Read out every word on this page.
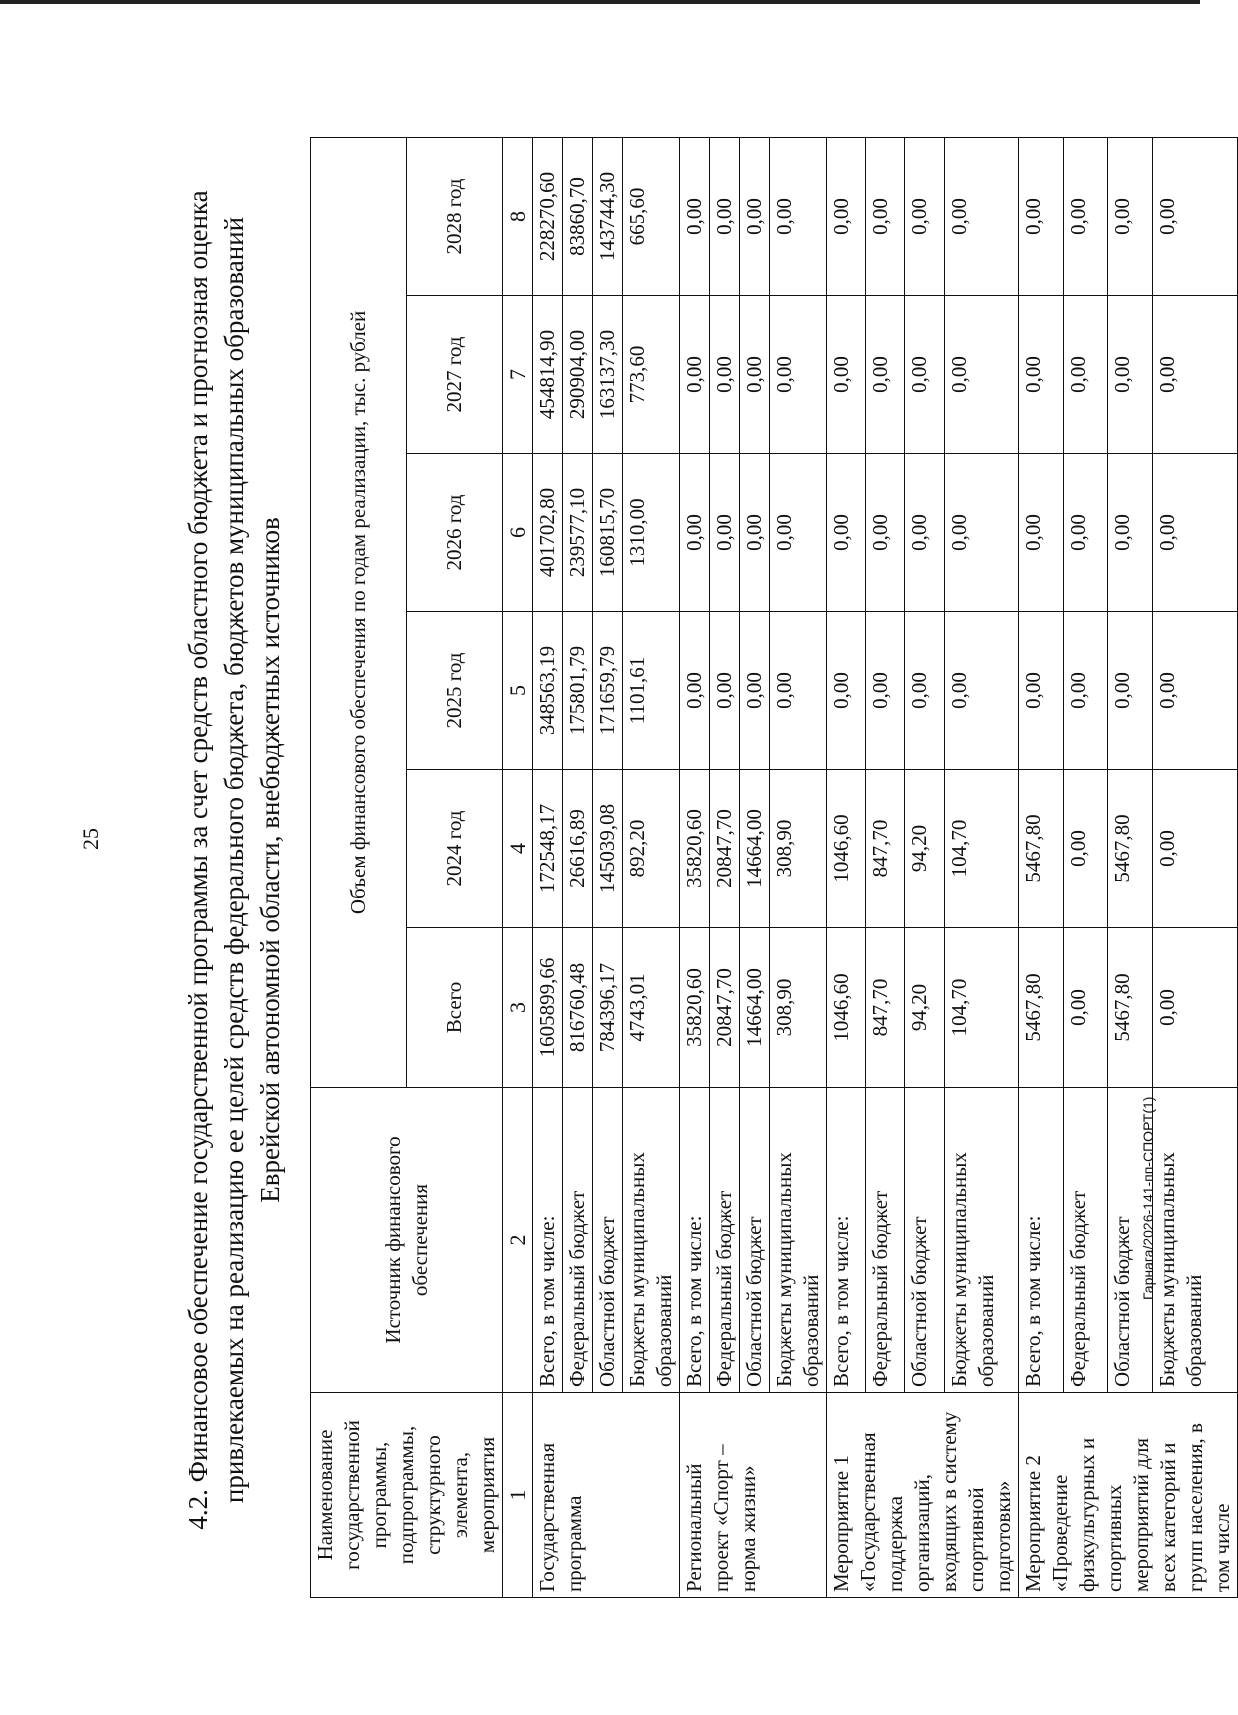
25
Гарнага/2026-141-пп-СПОРТ(1)
4.2. Финансовое обеспечение государственной программы за счет средств областного бюджета и прогнозная оценка привлекаемых на реализацию ее целей средств федерального бюджета, бюджетов муниципальных образований Еврейской автономной области, внебюджетных источников
Наименование государственной программы, подпрограммы, структурного элемента, мероприятия	Источник финансового обеспечения	Объем финансового обеспечения по годам реализации, тыс. рублей					
		Всего	2024 год	2025 год	2026 год	2027 год	2028 год
1	2	3	4	5	6	7	8
Государственная программа	Всего, в том числе:	1605899,66	172548,17	348563,19	401702,80	454814,90	228270,60
	Федеральный бюджет	816760,48	26616,89	175801,79	239577,10	290904,00	83860,70
	Областной бюджет	784396,17	145039,08	171659,79	160815,70	163137,30	143744,30
	Бюджеты муниципальных образований	4743,01	892,20	1101,61	1310,00	773,60	665,60
Региональный проект «Спорт – норма жизни»	Всего, в том числе:	35820,60	35820,60	0,00	0,00	0,00	0,00
	Федеральный бюджет	20847,70	20847,70	0,00	0,00	0,00	0,00
	Областной бюджет	14664,00	14664,00	0,00	0,00	0,00	0,00
	Бюджеты муниципальных образований	308,90	308,90	0,00	0,00	0,00	0,00
Мероприятие 1 «Государственная поддержка организаций, входящих в систему спортивной подготовки»	Всего, в том числе:	1046,60	1046,60	0,00	0,00	0,00	0,00
	Федеральный бюджет	847,70	847,70	0,00	0,00	0,00	0,00
	Областной бюджет	94,20	94,20	0,00	0,00	0,00	0,00
	Бюджеты муниципальных образований	104,70	104,70	0,00	0,00	0,00	0,00
Мероприятие 2 «Проведение физкультурных и спортивных мероприятий для всех категорий и групп населения, в том числе	Всего, в том числе:	5467,80	5467,80	0,00	0,00	0,00	0,00
	Федеральный бюджет	0,00	0,00	0,00	0,00	0,00	0,00
	Областной бюджет	5467,80	5467,80	0,00	0,00	0,00	0,00
	Бюджеты муниципальных образований	0,00	0,00	0,00	0,00	0,00	0,00
